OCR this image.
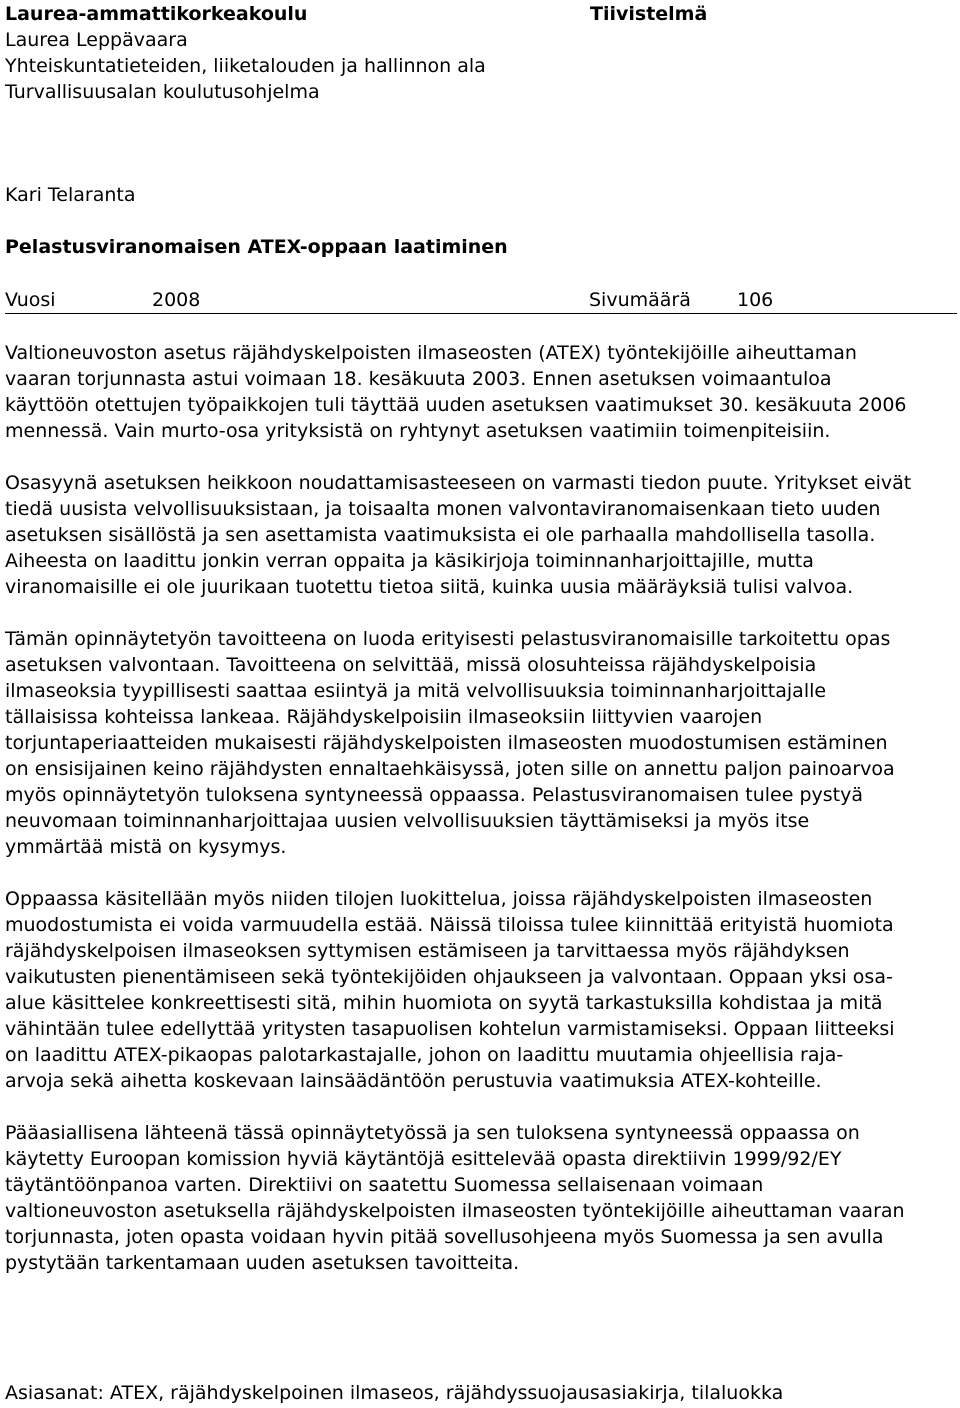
Laurea-ammattikorkeakoulu
Laurea Leppävaara
Yhteiskuntatieteiden, liiketalouden ja hallinnon ala
Turvallisuusalan koulutusohjelma
Tiivistelmä
Kari Telaranta
Pelastusviranomaisen ATEX-oppaan laatiminen
Vuosi	2008	Sivumäärä 106

Valtioneuvoston asetus räjähdyskelpoisten ilmaseosten (ATEX) työntekijöille aiheuttaman
vaaran torjunnasta astui voimaan 18. kesäkuuta 2003. Ennen asetuksen voimaantuloa
käyttöön otettujen työpaikkojen tuli täyttää uuden asetuksen vaatimukset 30. kesäkuuta 2006
mennessä. Vain murto-osa yrityksistä on ryhtynyt asetuksen vaatimiin toimenpiteisiin.

Osasyynä asetuksen heikkoon noudattamisasteeseen on varmasti tiedon puute. Yritykset eivät
tiedä uusista velvollisuuksistaan, ja toisaalta monen valvontaviranomaisenkaan tieto uuden
asetuksen sisällöstä ja sen asettamista vaatimuksista ei ole parhaalla mahdollisella tasolla.
Aiheesta on laadittu jonkin verran oppaita ja käsikirjoja toiminnanharjoittajille, mutta
viranomaisille ei ole juurikaan tuotettu tietoa siitä, kuinka uusia määräyksiä tulisi valvoa.

Tämän opinnäytetyön tavoitteena on luoda erityisesti pelastusviranomaisille tarkoitettu opas
asetuksen valvontaan. Tavoitteena on selvittää, missä olosuhteissa räjähdyskelpoisia
ilmaseoksia tyypillisesti saattaa esiintyä ja mitä velvollisuuksia toiminnanharjoittajalle
tällaisissa kohteissa lankeaa. Räjähdyskelpoisiin ilmaseoksiin liittyvien vaarojen
torjuntaperiaatteiden mukaisesti räjähdyskelpoisten ilmaseosten muodostumisen estäminen
on ensisijainen keino räjähdysten ennaltaehkäisyssä, joten sille on annettu paljon painoarvoa
myös opinnäytetyön tuloksena syntyneessä oppaassa. Pelastusviranomaisen tulee pystyä
neuvomaan toiminnanharjoittajaa uusien velvollisuuksien täyttämiseksi ja myös itse
ymmärtää mistä on kysymys.

Oppaassa käsitellään myös niiden tilojen luokittelua, joissa räjähdyskelpoisten ilmaseosten
muodostumista ei voida varmuudella estää. Näissä tiloissa tulee kiinnittää erityistä huomiota
räjähdyskelpoisen ilmaseoksen syttymisen estämiseen ja tarvittaessa myös räjähdyksen
vaikutusten pienentämiseen sekä työntekijöiden ohjaukseen ja valvontaan. Oppaan yksi osa-
alue käsittelee konkreettisesti sitä, mihin huomiota on syytä tarkastuksilla kohdistaa ja mitä
vähintään tulee edellyttää yritysten tasapuolisen kohtelun varmistamiseksi. Oppaan liitteeksi
on laadittu ATEX-pikaopas palotarkastajalle, johon on laadittu muutamia ohjeellisia raja-
arvoja sekä aihetta koskevaan lainsäädäntöön perustuvia vaatimuksia ATEX-kohteille.

Pääasiallisena lähteenä tässä opinnäytetyössä ja sen tuloksena syntyneessä oppaassa on
käytetty Euroopan komission hyviä käytäntöjä esittelevää opasta direktiivin 1999/92/EY
täytäntöönpanoa varten. Direktiivi on saatettu Suomessa sellaisenaan voimaan
valtioneuvoston asetuksella räjähdyskelpoisten ilmaseosten työntekijöille aiheuttaman vaaran
torjunnasta, joten opasta voidaan hyvin pitää sovellusohjeena myös Suomessa ja sen avulla
pystytään tarkentamaan uuden asetuksen tavoitteita.

Asiasanat: ATEX, räjähdyskelpoinen ilmaseos, räjähdyssuojausasiakirja, tilaluokka
